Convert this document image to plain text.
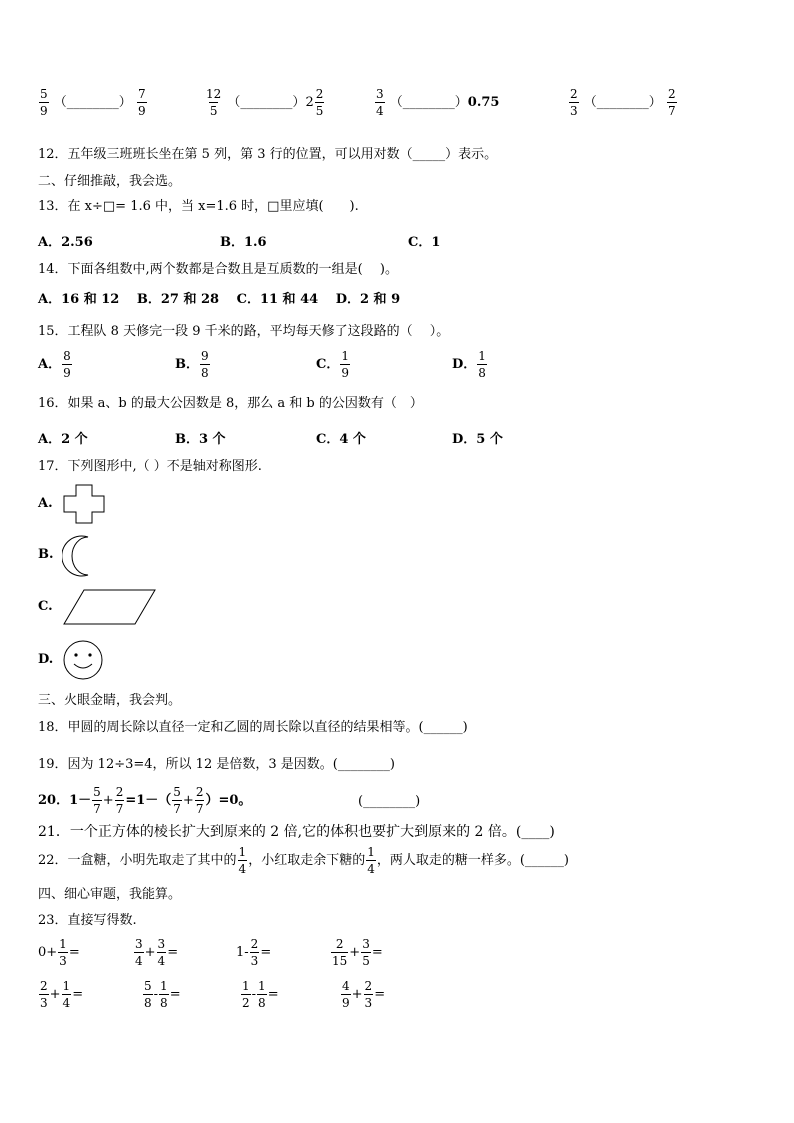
$\frac{5}{9}$ （________） $\frac{7}{9}$	$\frac{12}{5}$ （________）2 $\frac{2}{5}$	$\frac{3}{4}$ （________）0.75	$\frac{2}{3}$ （________） $\frac{2}{7}$
12．五年级三班班长坐在第 5 列，第 3 行的位置，可以用对数（_____）表示。
二、仔细推敲，我会选。
13．在 x÷□= 1.6 中，当 x=1.6 时，□里应填(　　).
A．2.56	B．1.6	C．1
14．下面各组数中,两个数都是合数且是互质数的一组是(　 )。
A．16 和 12　 B．27 和 28　 C．11 和 44　 D．2 和 9
15．工程队 8 天修完一段 9 千米的路，平均每天修了这段路的（　 ）。
A． $\frac{8}{9}$	B． $\frac{9}{8}$	C． $\frac{1}{9}$	D． $\frac{1}{8}$
16．如果 a、b 的最大公因数是 8，那么 a 和 b 的公因数有（　）
A．2 个	B．3 个	C．4 个	D．5 个
17．下列图形中,（ ）不是轴对称图形.
A.
B.
C.
D.
三、火眼金睛，我会判。
18．甲圆的周长除以直径一定和乙圆的周长除以直径的结果相等。(______)
19．因为 12÷3=4，所以 12 是倍数，3 是因数。(________)
20．$1- \frac{5}{7} + \frac{2}{7} =1-( \frac{5}{7} + \frac{2}{7} )=0$。	(________)
21．一个正方体的棱长扩大到原来的 2 倍,它的体积也要扩大到原来的 2 倍。(____)
22．一盒糖，小明先取走了其中的 $\frac{1}{4}$ ，小红取走余下糖的 $\frac{1}{4}$ ，两人取走的糖一样多。(______)
四、细心审题，我能算。
23．直接写得数.
$0+ \frac{1}{3}$ =	$\frac{3}{4} + \frac{3}{4}$ =	$1- \frac{2}{3}$ =	$\frac{2}{15} + \frac{3}{5}$ =
$\frac{2}{3} + \frac{1}{4}$ =	$\frac{5}{8} - \frac{1}{8}$ =	$\frac{1}{2} - \frac{1}{8}$ =	$\frac{4}{9} + \frac{2}{3}$ =
